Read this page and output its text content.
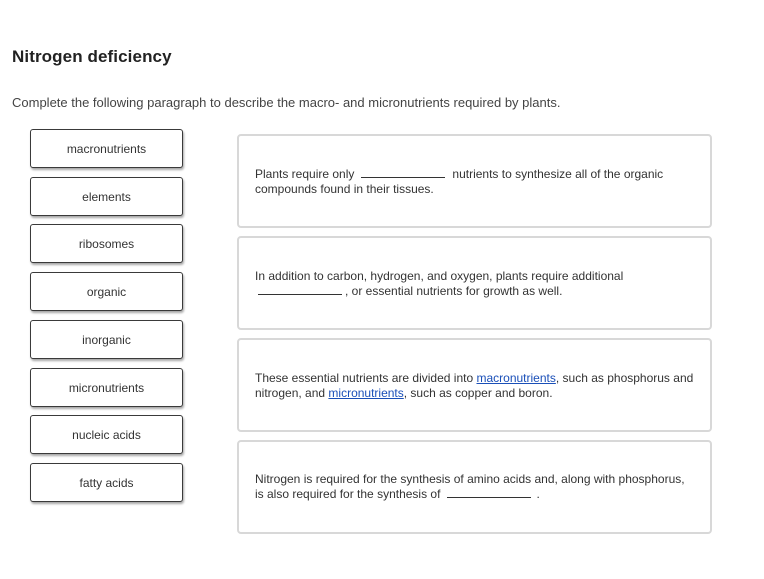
Nitrogen deficiency
Complete the following paragraph to describe the macro- and micronutrients required by plants.
macronutrients
elements
ribosomes
organic
inorganic
micronutrients
nucleic acids
fatty acids
Plants require only	nutrients to synthesize all of the organic compounds found in their tissues.
In addition to carbon, hydrogen, and oxygen, plants require additional
, or essential nutrients for growth as well.
These essential nutrients are divided into macronutrients, such as phosphorus and nitrogen, and micronutrients, such as copper and boron.
Nitrogen is required for the synthesis of amino acids and, along with phosphorus, is also required for the synthesis of	.
